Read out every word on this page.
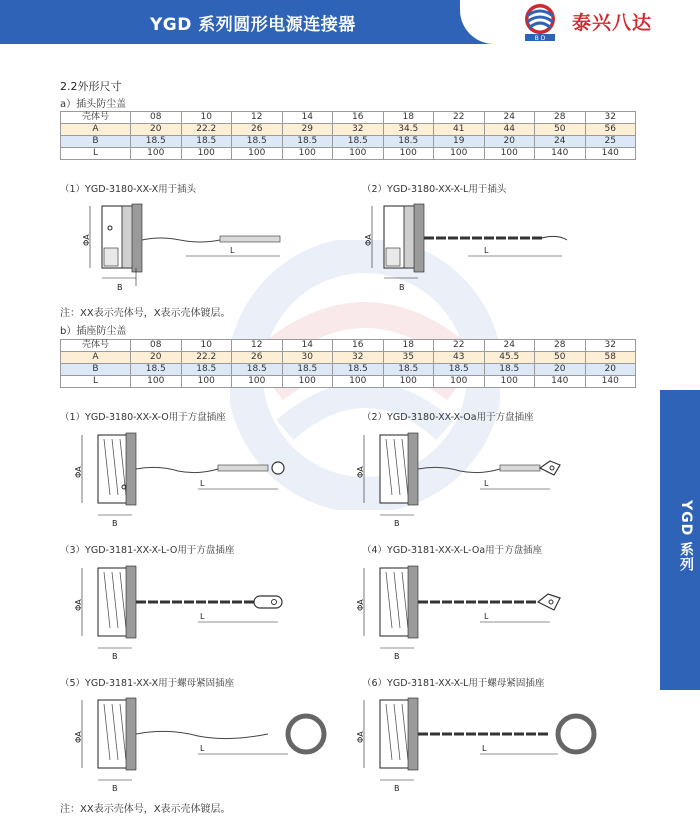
YGD 系列圆形电源连接器
B D
泰兴八达
YGD 系列
2.2外形尺寸
a）插头防尘盖
壳体号	08	10	12	14	16	18	22	24	28	32
A	20	22.2	26	29	32	34.5	41	44	50	56
B	18.5	18.5	18.5	18.5	18.5	18.5	19	20	24	25
L	100	100	100	100	100	100	100	100	140	140
（1）YGD-3180-XX-X用于插头	（2）YGD-3180-XX-X-L用于插头
ΦA
B
L
ΦA
B
L
注：XX表示壳体号，X表示壳体镀层。
b）插座防尘盖
壳体号	08	10	12	14	16	18	22	24	28	32
A	20	22.2	26	30	32	35	43	45.5	50	58
B	18.5	18.5	18.5	18.5	18.5	18.5	18.5	18.5	20	20
L	100	100	100	100	100	100	100	100	140	140
（1）YGD-3180-XX-X-O用于方盘插座	（2）YGD-3180-XX-X-Oa用于方盘插座
（3）YGD-3181-XX-X-L-O用于方盘插座	（4）YGD-3181-XX-X-L-Oa用于方盘插座
（5）YGD-3181-XX-X用于螺母紧固插座	（6）YGD-3181-XX-X-L用于螺母紧固插座
ΦA
B
L
ΦA
B
L
ΦA
B
L
ΦA
B
L
ΦA
B
L
ΦA
B
L
注：XX表示壳体号，X表示壳体镀层。
